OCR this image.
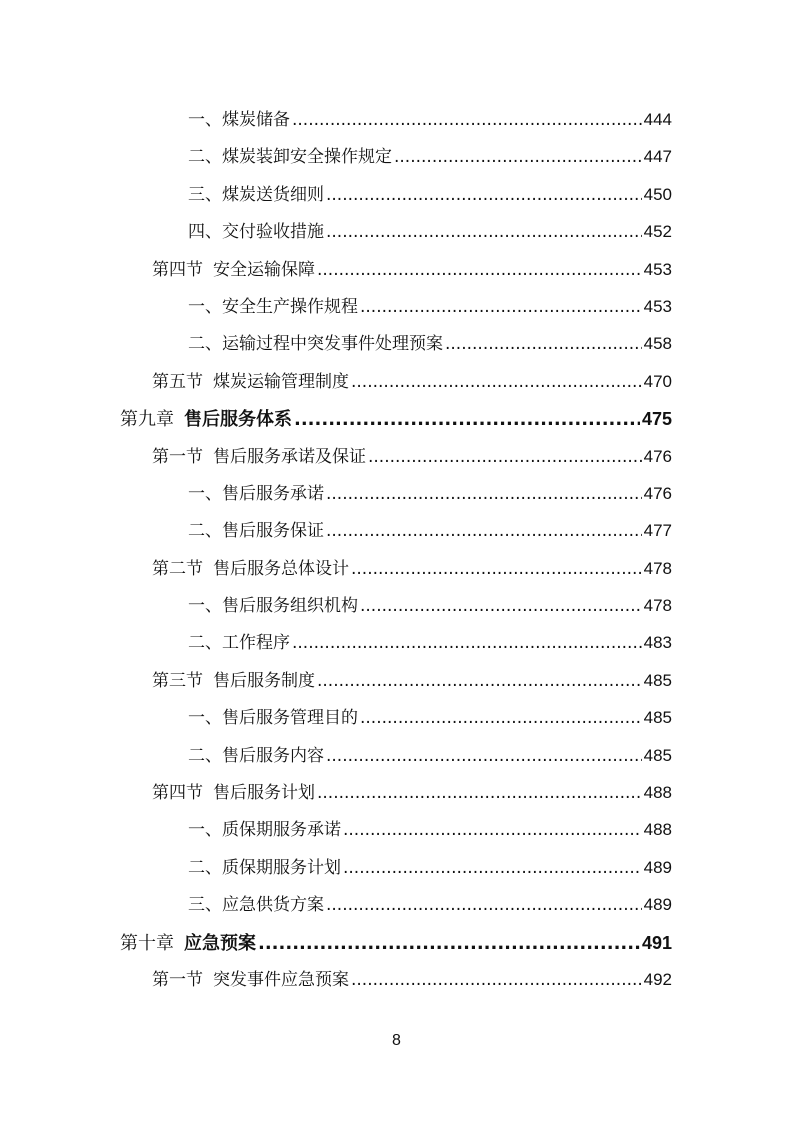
一、煤炭储备 .....	444
二、煤炭装卸安全操作规定 .....	447
三、煤炭送货细则 .....	450
四、交付验收措施 .....	452
第四节 安全运输保障 .....	453
一、安全生产操作规程 .....	453
二、运输过程中突发事件处理预案 .....	458
第五节 煤炭运输管理制度 .....	470
第九章 售后服务体系 .....	475
第一节 售后服务承诺及保证 .....	476
一、售后服务承诺 .....	476
二、售后服务保证 .....	477
第二节 售后服务总体设计 .....	478
一、售后服务组织机构 .....	478
二、工作程序 .....	483
第三节 售后服务制度 .....	485
一、售后服务管理目的 .....	485
二、售后服务内容 .....	485
第四节 售后服务计划 .....	488
一、质保期服务承诺 .....	488
二、质保期服务计划 .....	489
三、应急供货方案 .....	489
第十章 应急预案 .....	491
第一节 突发事件应急预案 .....	492
8
